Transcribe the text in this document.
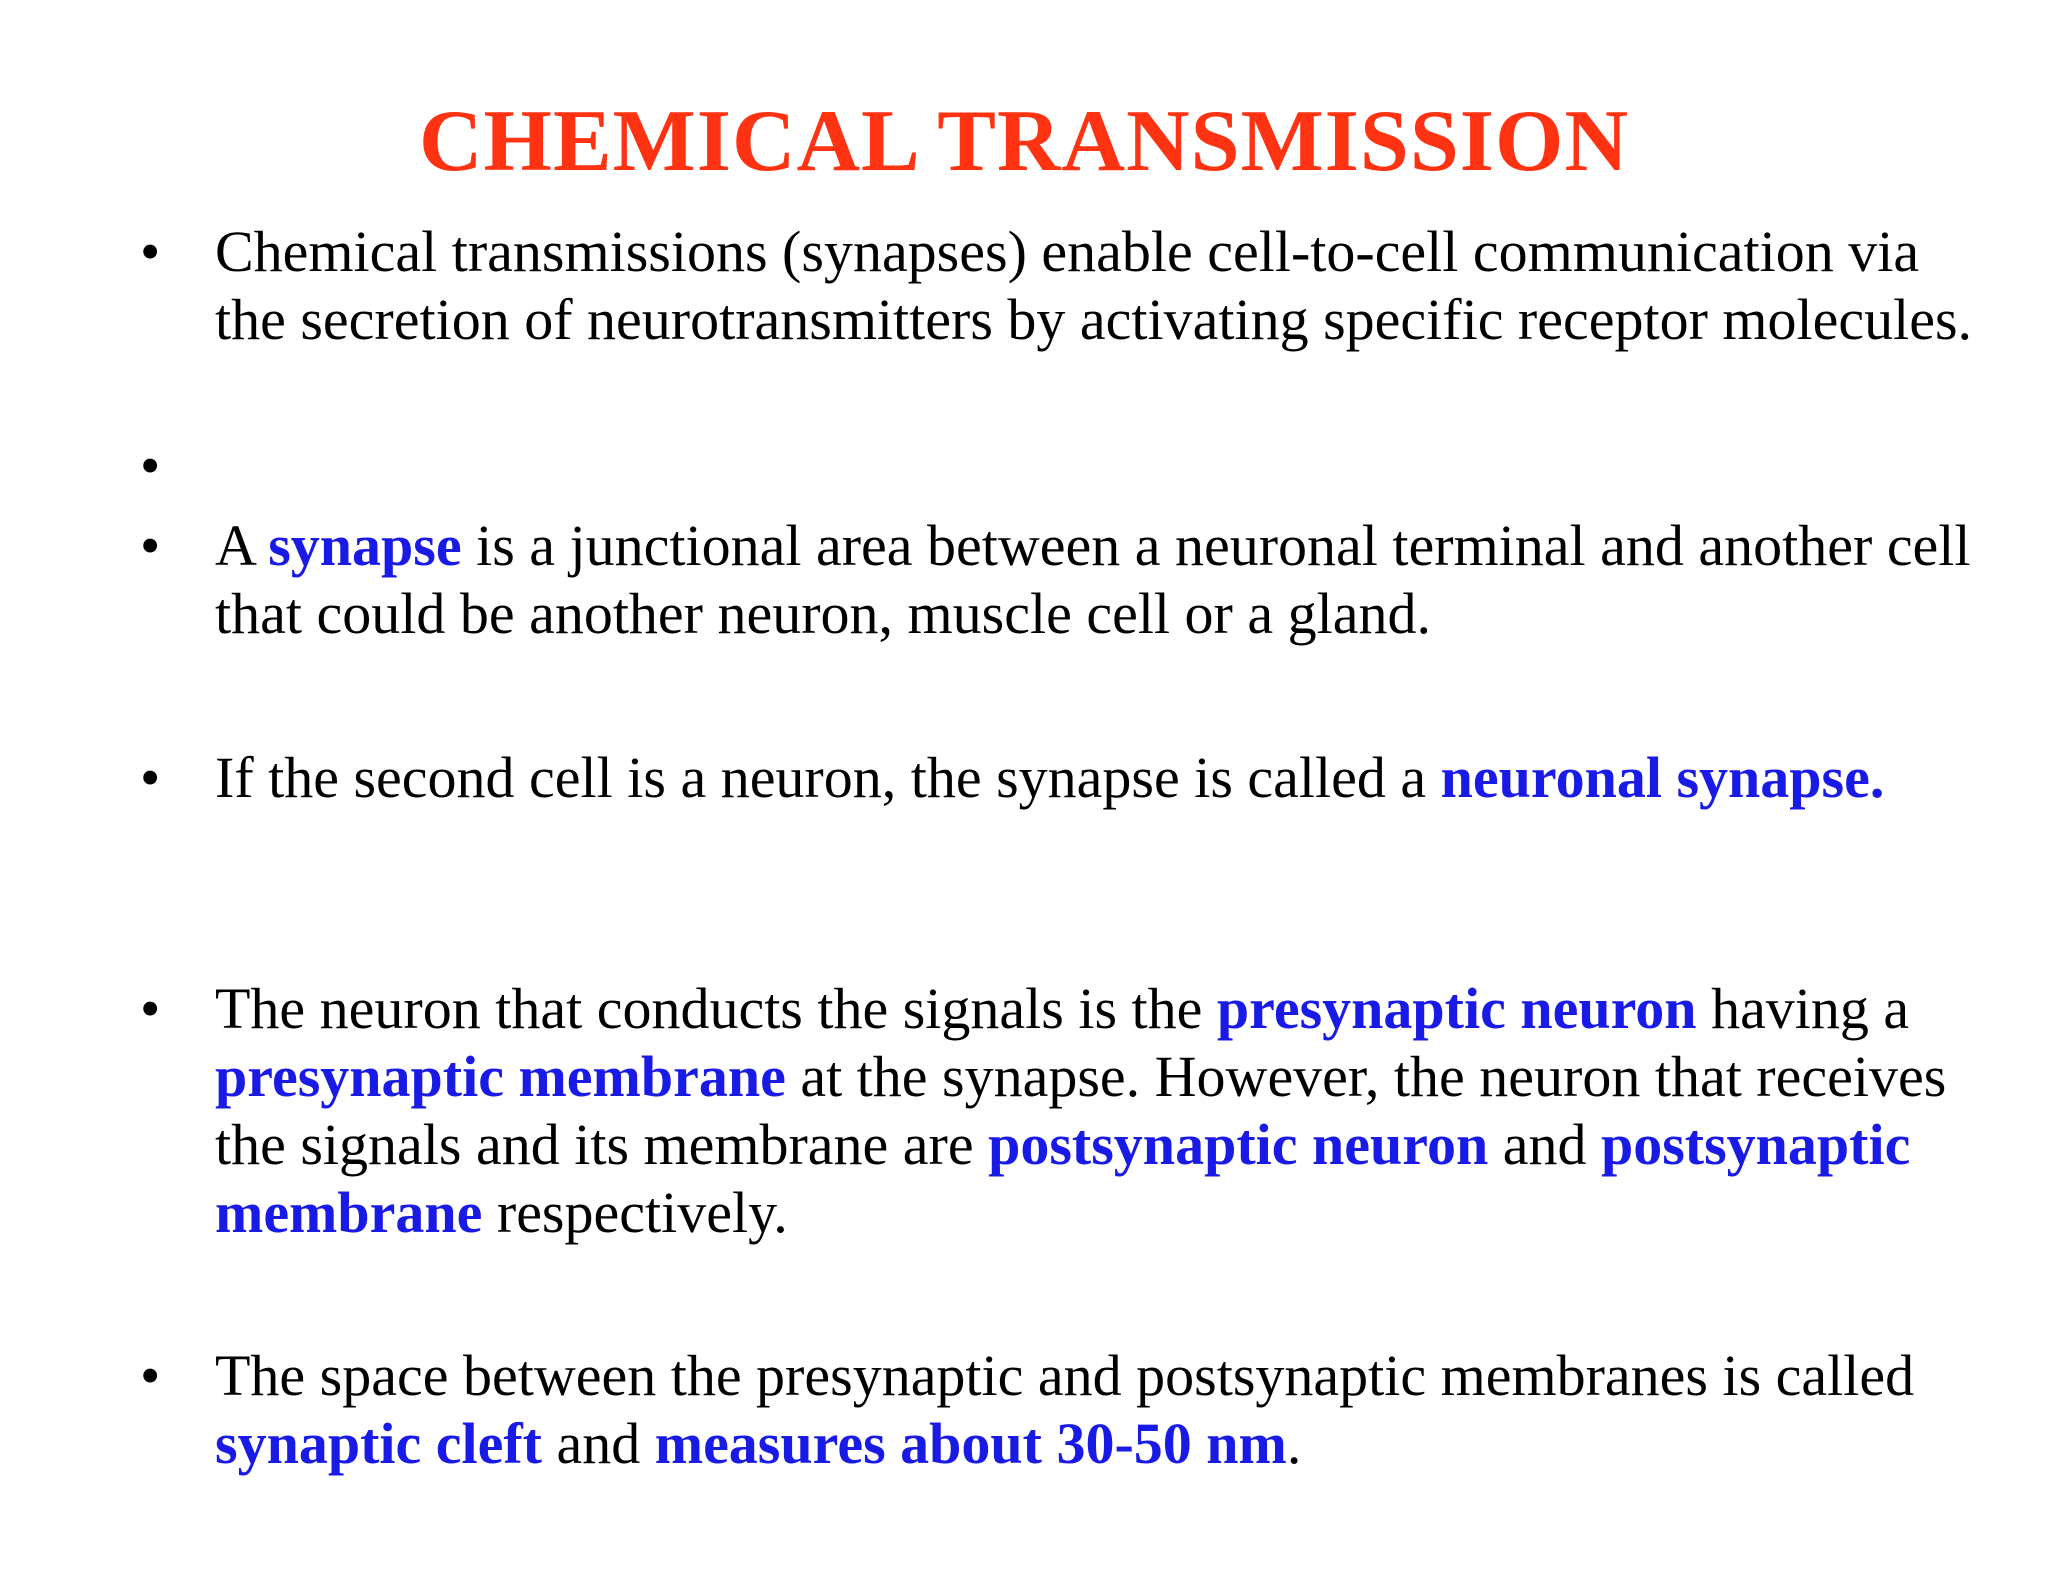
CHEMICAL TRANSMISSION
• Chemical transmissions (synapses) enable cell-to-cell communication via the secretion of neurotransmitters by activating specific receptor molecules.

•

• A synapse is a junctional area between a neuronal terminal and another cell that could be another neuron, muscle cell or a gland.

• If the second cell is a neuron, the synapse is called a neuronal synapse.

• The neuron that conducts the signals is the presynaptic neuron having a presynaptic membrane at the synapse. However, the neuron that receives the signals and its membrane are postsynaptic neuron and postsynaptic membrane respectively.

• The space between the presynaptic and postsynaptic membranes is called synaptic cleft and measures about 30-50 nm.
